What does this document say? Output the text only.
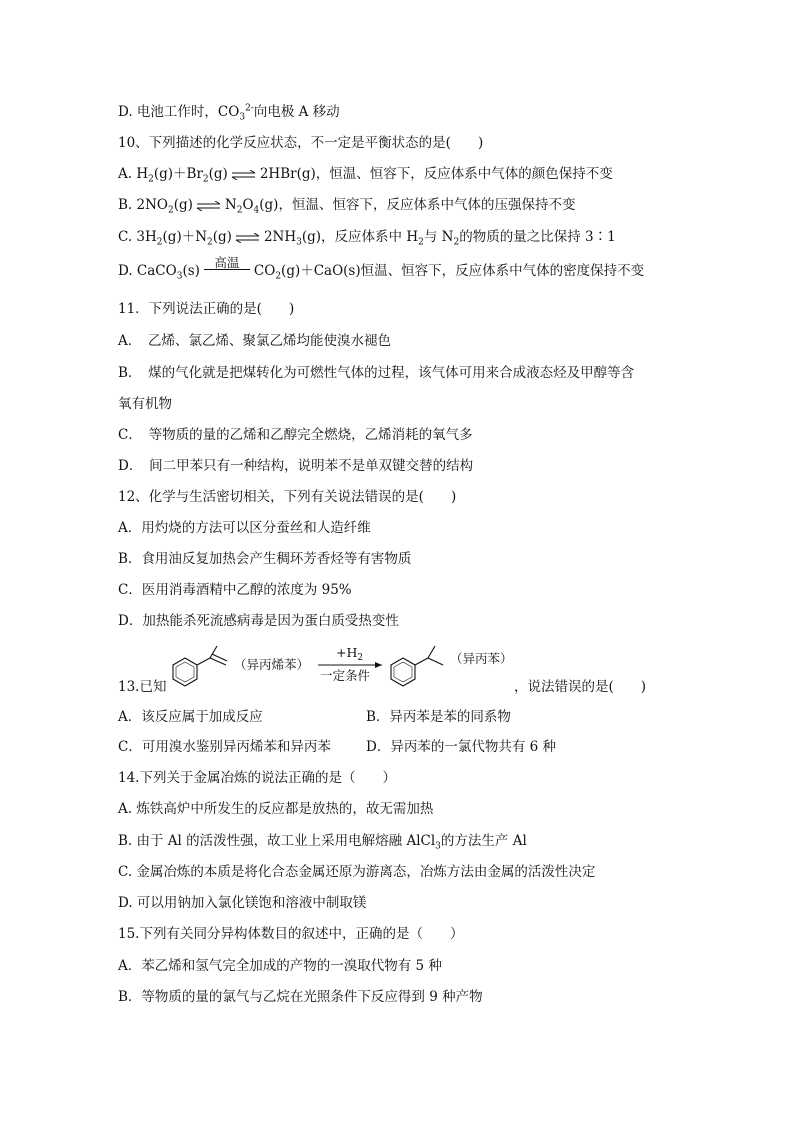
D. 电池工作时，$CO_3^{2-}$向电极 A 移动
10、下列描述的化学反应状态，不一定是平衡状态的是(　　)
A. $H_2(g)+Br_2(g)$ ⇌ 2HBr(g)，恒温、恒容下，反应体系中气体的颜色保持不变
B. $2NO_2(g)$ ⇌ $N_2O_4(g)$，恒温、恒容下，反应体系中气体的压强保持不变
C. $3H_2(g)+N_2(g)$ ⇌ $2NH_3(g)$，反应体系中 $H_2$与 $N_2$的物质的量之比保持 3∶1
D. CaCO$_3$(s)
高温
$CO_2(g)+CaO(s)$恒温、恒容下，反应体系中气体的密度保持不变
11．下列说法正确的是(　　)
A．　乙烯、氯乙烯、聚氯乙烯均能使溴水褪色
B．　煤的气化就是把煤转化为可燃性气体的过程，该气体可用来合成液态烃及甲醇等含
氧有机物
C．　等物质的量的乙烯和乙醇完全燃烧，乙烯消耗的氧气多
D．　间二甲苯只有一种结构，说明苯不是单双键交替的结构
12、化学与生活密切相关，下列有关说法错误的是(　　)
A．用灼烧的方法可以区分蚕丝和人造纤维
B．食用油反复加热会产生稠环芳香烃等有害物质
C．医用消毒酒精中乙醇的浓度为 95%
D．加热能杀死流感病毒是因为蛋白质受热变性
13.已知
（异丙烯苯）
$+H_2$
一定条件
（异丙苯）
，说法错误的是(　　)
A．该反应属于加成反应	B．异丙苯是苯的同系物
C．可用溴水鉴别异丙烯苯和异丙苯	D．异丙苯的一氯代物共有 6 种
14.下列关于金属冶炼的说法正确的是（　　）
A. 炼铁高炉中所发生的反应都是放热的，故无需加热
B. 由于 Al 的活泼性强，故工业上采用电解熔融 AlCl$_3$的方法生产 Al
C. 金属冶炼的本质是将化合态金属还原为游离态，冶炼方法由金属的活泼性决定
D. 可以用钠加入氯化镁饱和溶液中制取镁
15.下列有关同分异构体数目的叙述中，正确的是（　　）
A．苯乙烯和氢气完全加成的产物的一溴取代物有 5 种
B．等物质的量的氯气与乙烷在光照条件下反应得到 9 种产物
